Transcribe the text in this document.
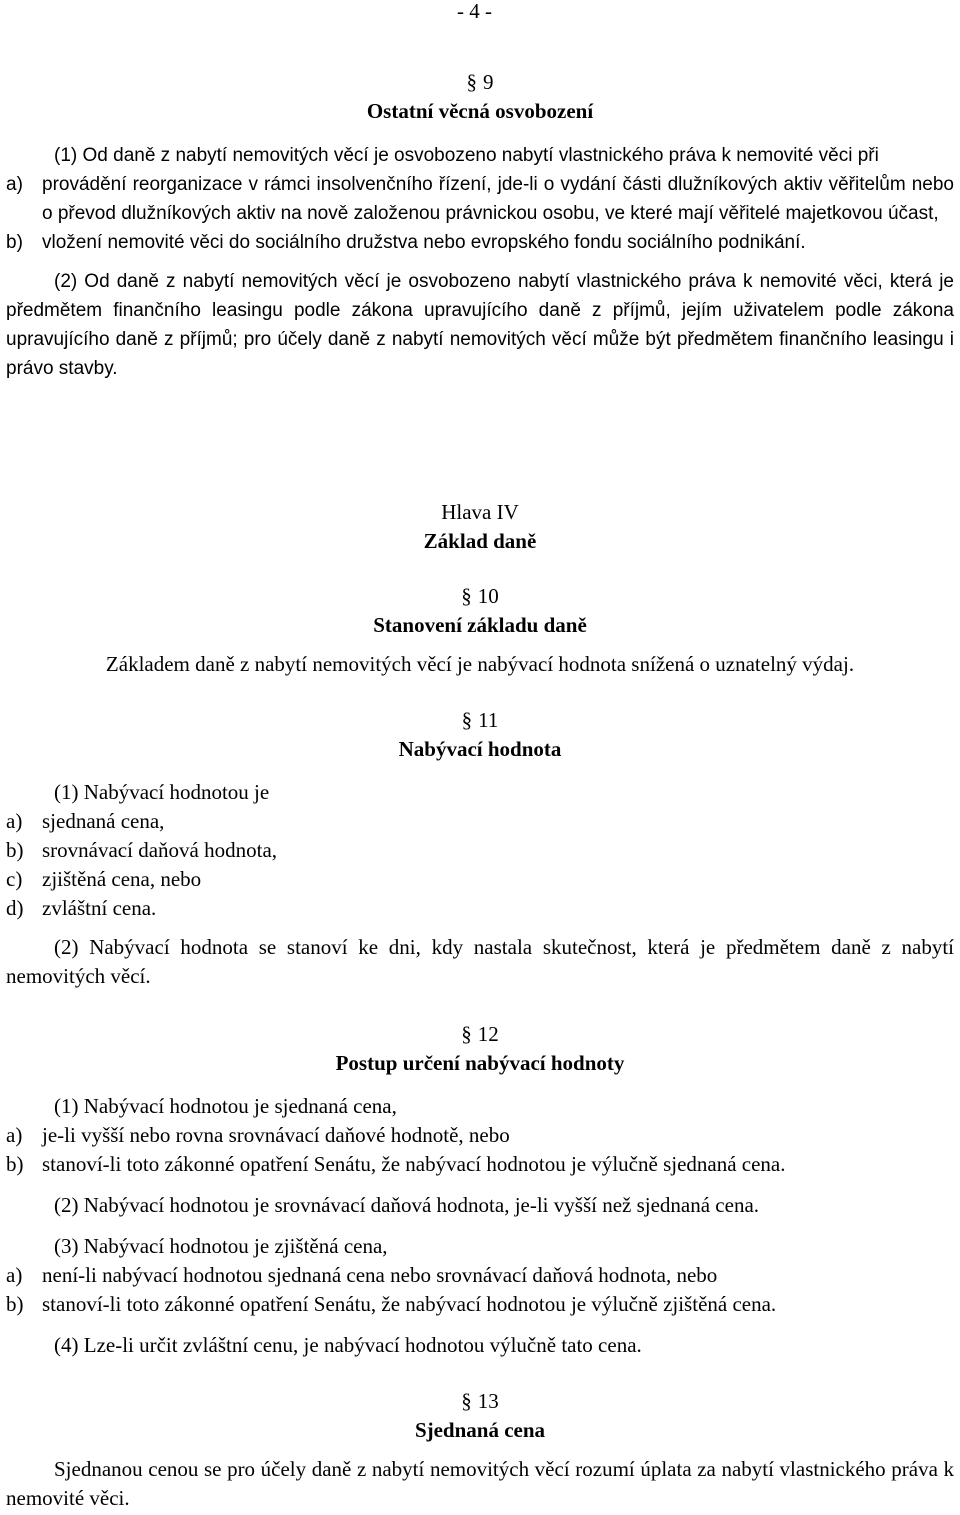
- 4 -
§ 9
Ostatní věcná osvobození
(1) Od daně z nabytí nemovitých věcí je osvobozeno nabytí vlastnického práva k nemovité věci při
a)	provádění reorganizace v rámci insolvenčního řízení, jde-li o vydání části dlužníkových aktiv věřitelům nebo o převod dlužníkových aktiv na nově založenou právnickou osobu, ve které mají věřitelé majetkovou účast,
b)	vložení nemovité věci do sociálního družstva nebo evropského fondu sociálního podnikání.
(2) Od daně z nabytí nemovitých věcí je osvobozeno nabytí vlastnického práva k nemovité věci, která je předmětem finančního leasingu podle zákona upravujícího daně z příjmů, jejím uživatelem podle zákona upravujícího daně z příjmů; pro účely daně z nabytí nemovitých věcí může být předmětem finančního leasingu i právo stavby.
Hlava IV
Základ daně
§ 10
Stanovení základu daně
Základem daně z nabytí nemovitých věcí je nabývací hodnota snížená o uznatelný výdaj.
§ 11
Nabývací hodnota
(1) Nabývací hodnotou je
a) sjednaná cena,
b) srovnávací daňová hodnota,
c) zjištěná cena, nebo
d) zvláštní cena.
(2) Nabývací hodnota se stanoví ke dni, kdy nastala skutečnost, která je předmětem daně z nabytí nemovitých věcí.
§ 12
Postup určení nabývací hodnoty
(1) Nabývací hodnotou je sjednaná cena,
a) je-li vyšší nebo rovna srovnávací daňové hodnotě, nebo
b) stanoví-li toto zákonné opatření Senátu, že nabývací hodnotou je výlučně sjednaná cena.
(2) Nabývací hodnotou je srovnávací daňová hodnota, je-li vyšší než sjednaná cena.
(3) Nabývací hodnotou je zjištěná cena,
a) není-li nabývací hodnotou sjednaná cena nebo srovnávací daňová hodnota, nebo
b) stanoví-li toto zákonné opatření Senátu, že nabývací hodnotou je výlučně zjištěná cena.
(4) Lze-li určit zvláštní cenu, je nabývací hodnotou výlučně tato cena.
§ 13
Sjednaná cena
Sjednanou cenou se pro účely daně z nabytí nemovitých věcí rozumí úplata za nabytí vlastnického práva k nemovité věci.
